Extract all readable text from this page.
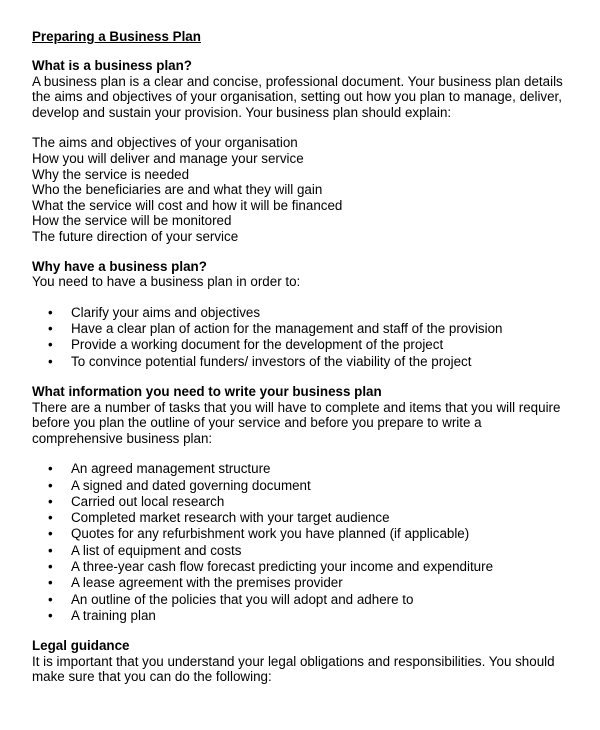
Preparing a Business Plan
What is a business plan?
A business plan is a clear and concise, professional document. Your business plan details
the aims and objectives of your organisation, setting out how you plan to manage, deliver,
develop and sustain your provision. Your business plan should explain:
The aims and objectives of your organisation
How you will deliver and manage your service
Why the service is needed
Who the beneficiaries are and what they will gain
What the service will cost and how it will be financed
How the service will be monitored
The future direction of your service
Why have a business plan?
You need to have a business plan in order to:
• Clarify your aims and objectives
• Have a clear plan of action for the management and staff of the provision
• Provide a working document for the development of the project
• To convince potential funders/ investors of the viability of the project
What information you need to write your business plan
There are a number of tasks that you will have to complete and items that you will require
before you plan the outline of your service and before you prepare to write a
comprehensive business plan:
• An agreed management structure
• A signed and dated governing document
• Carried out local research
• Completed market research with your target audience
• Quotes for any refurbishment work you have planned (if applicable)
• A list of equipment and costs
• A three-year cash flow forecast predicting your income and expenditure
• A lease agreement with the premises provider
• An outline of the policies that you will adopt and adhere to
• A training plan
Legal guidance
It is important that you understand your legal obligations and responsibilities. You should
make sure that you can do the following:
